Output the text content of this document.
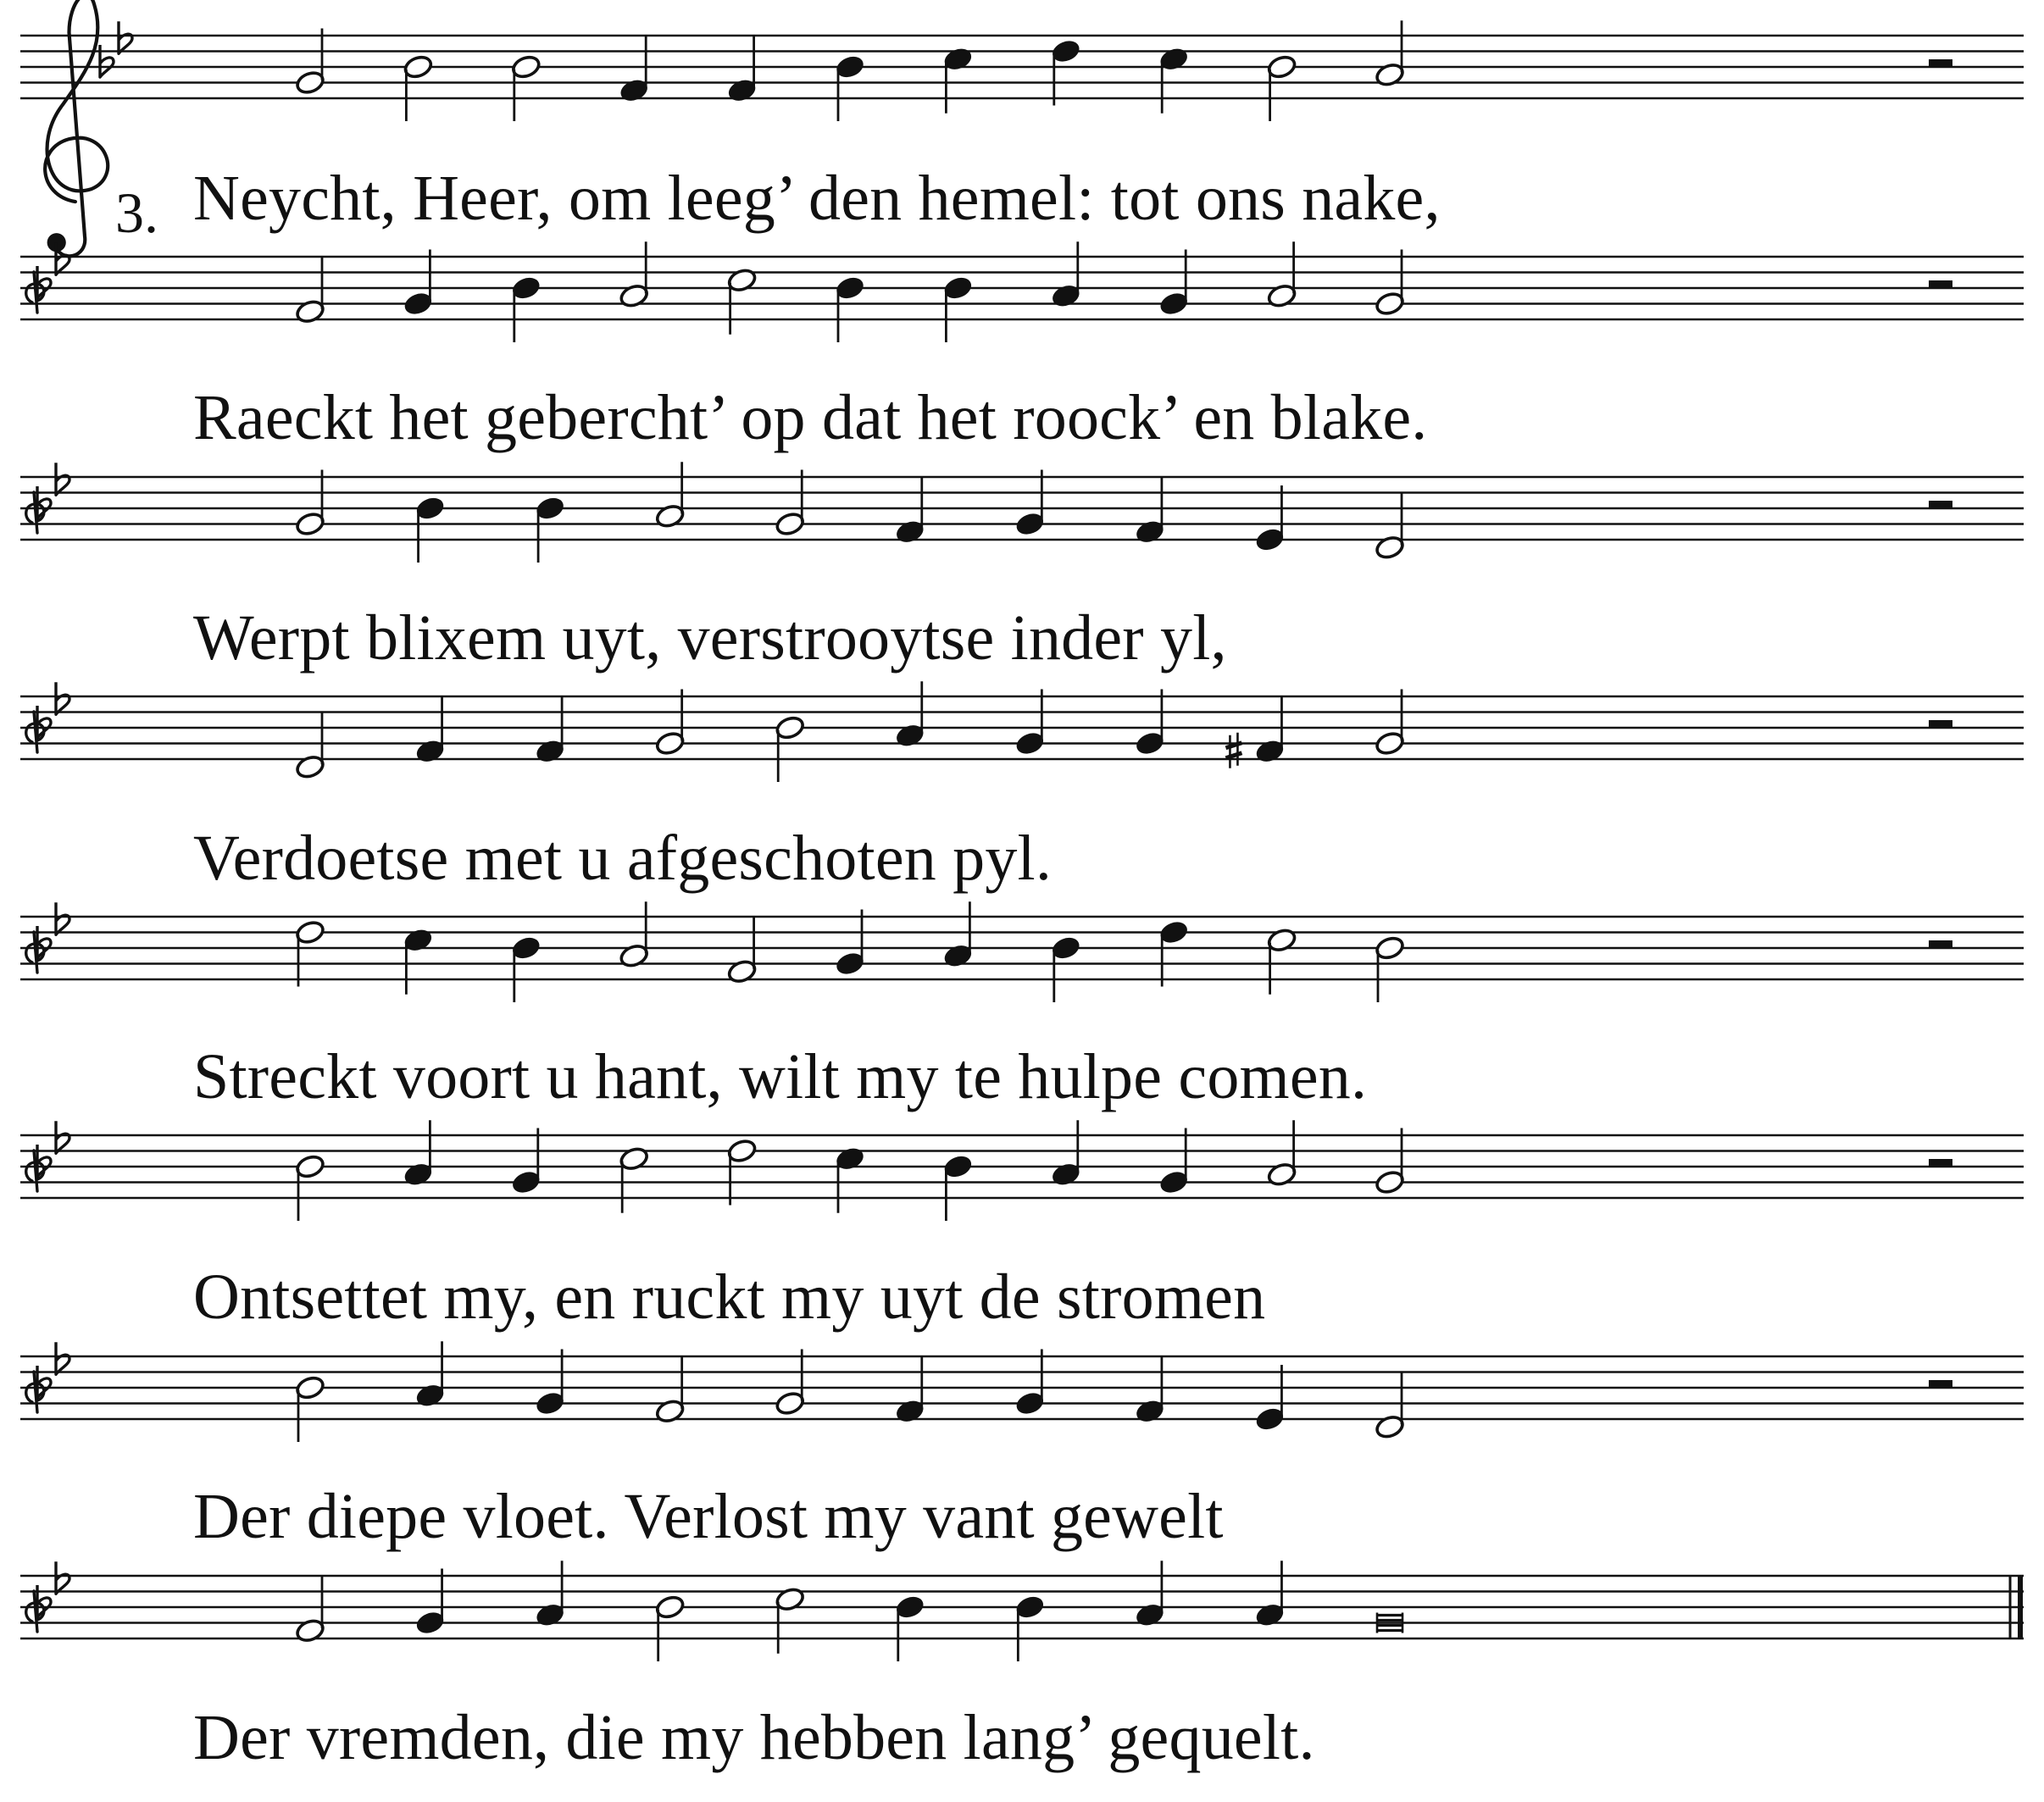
3. Neycht, Heer, om leeg’ den hemel: tot ons nake,
Raeckt het gebercht’ op dat het roock’ en blake.
Werpt blixem uyt, verstrooytse inder yl,
Verdoetse met u afgeschoten pyl.
Streckt voort u hant, wilt my te hulpe comen.
Ontsettet my, en ruckt my uyt de stromen
Der diepe vloet. Verlost my vant gewelt
Der vremden, die my hebben lang’ gequelt.
